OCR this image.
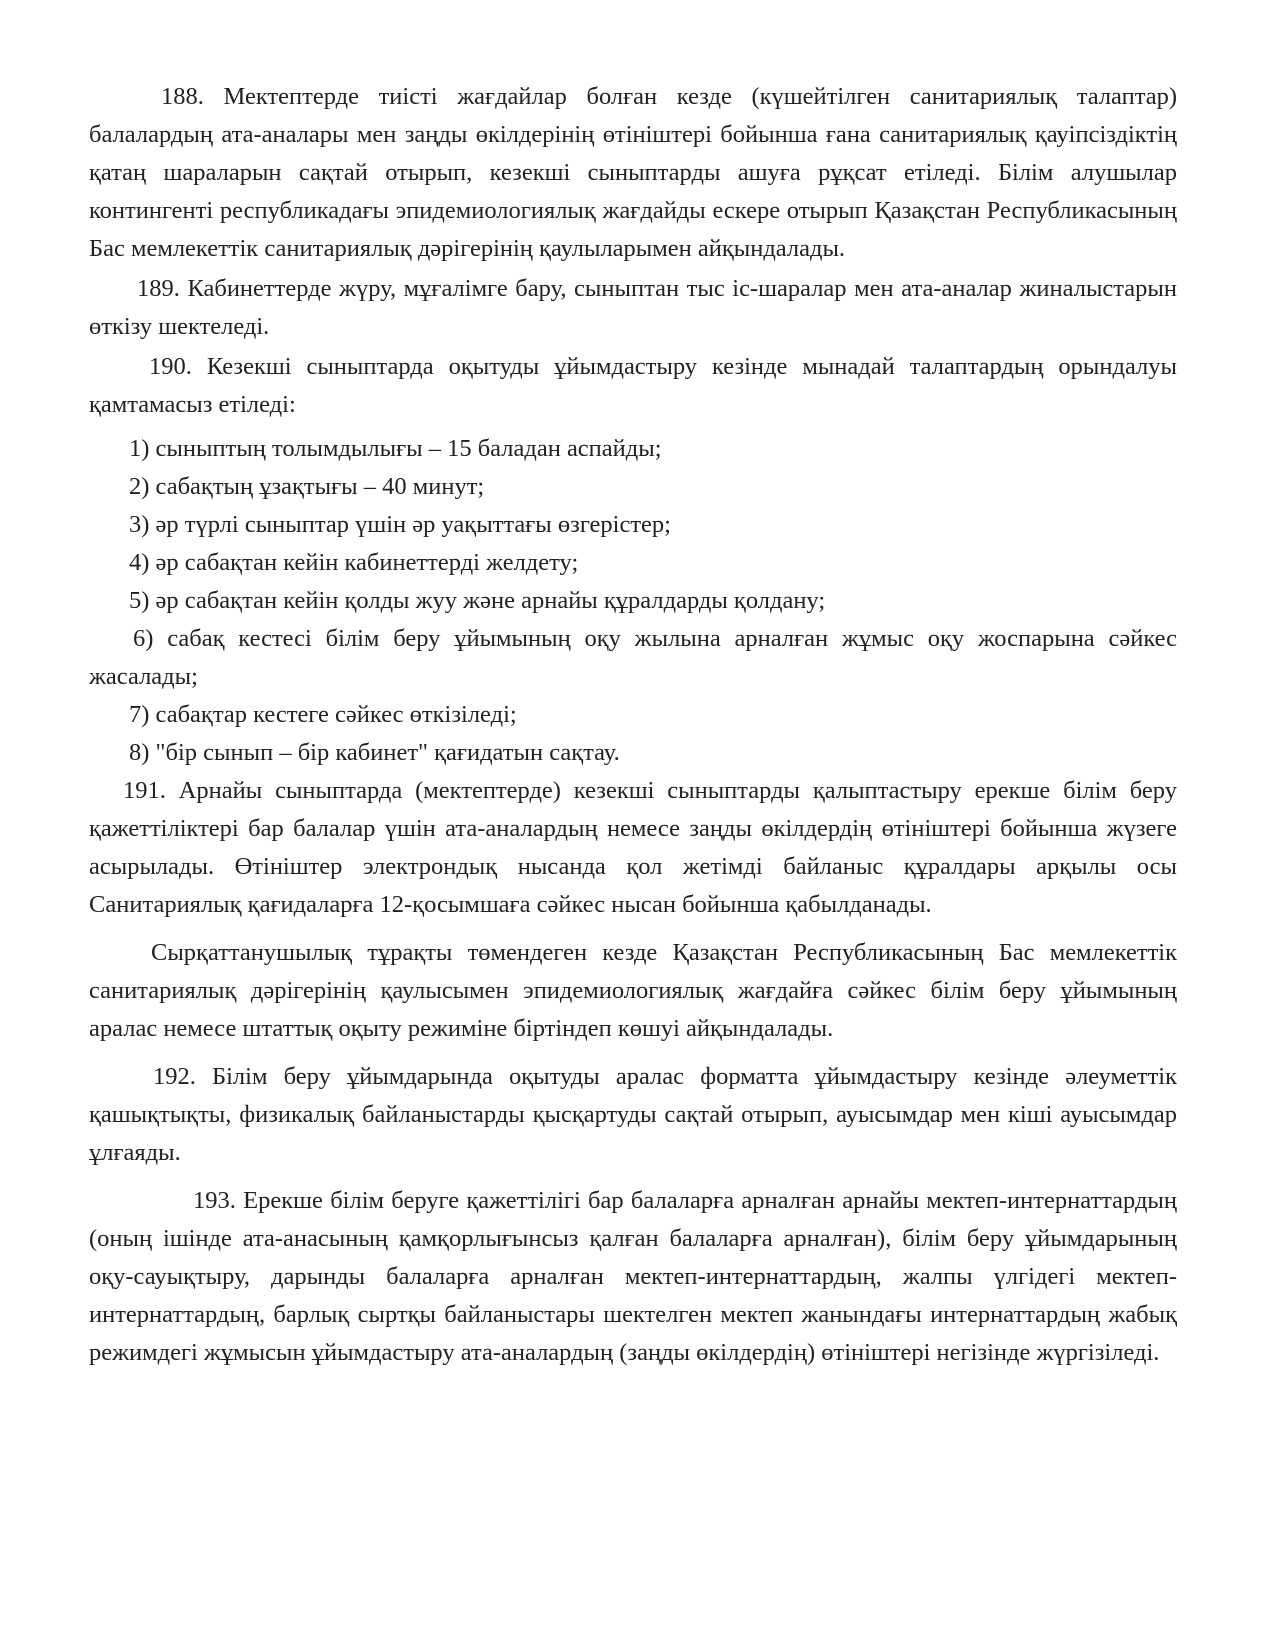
188. Мектептерде тиісті жағдайлар болған кезде (күшейтілген санитариялық талаптар) балалардың ата-аналары мен заңды өкілдерінің өтініштері бойынша ғана санитариялық қауіпсіздіктің қатаң шараларын сақтай отырып, кезекші сыныптарды ашуға рұқсат етіледі. Білім алушылар контингенті республикадағы эпидемиологиялық жағдайды ескере отырып Қазақстан Республикасының Бас мемлекеттік санитариялық дәрігерінің қаулыларымен айқындалады.

189. Кабинеттерде жүру, мұғалімге бару, сыныптан тыс іс-шаралар мен ата-аналар жиналыстарын өткізу шектеледі.

190. Кезекші сыныптарда оқытуды ұйымдастыру кезінде мынадай талаптардың орындалуы қамтамасыз етіледі:

1) сыныптың толымдылығы – 15 баладан аспайды;

2) сабақтың ұзақтығы – 40 минут;

3) әр түрлі сыныптар үшін әр уақыттағы өзгерістер;

4) әр сабақтан кейін кабинеттерді желдету;

5) әр сабақтан кейін қолды жуу және арнайы құралдарды қолдану;

6) сабақ кестесі білім беру ұйымының оқу жылына арналған жұмыс оқу жоспарына сәйкес жасалады;

7) сабақтар кестеге сәйкес өткізіледі;

8) "бір сынып – бір кабинет" қағидатын сақтау.

191. Арнайы сыныптарда (мектептерде) кезекші сыныптарды қалыптастыру ерекше білім беру қажеттіліктері бар балалар үшін ата-аналардың немесе заңды өкілдердің өтініштері бойынша жүзеге асырылады. Өтініштер электрондық нысанда қол жетімді байланыс құралдары арқылы осы Санитариялық қағидаларға 12-қосымшаға сәйкес нысан бойынша қабылданады.

Сырқаттанушылық тұрақты төмендеген кезде Қазақстан Республикасының Бас мемлекеттік санитариялық дәрігерінің қаулысымен эпидемиологиялық жағдайға сәйкес білім беру ұйымының аралас немесе штаттық оқыту режиміне біртіндеп көшуі айқындалады.

192. Білім беру ұйымдарында оқытуды аралас форматта ұйымдастыру кезінде әлеуметтік қашықтықты, физикалық байланыстарды қысқартуды сақтай отырып, ауысымдар мен кіші ауысымдар ұлғаяды.

193. Ерекше білім беруге қажеттілігі бар балаларға арналған арнайы мектеп-интернаттардың (оның ішінде ата-анасының қамқорлығынсыз қалған балаларға арналған), білім беру ұйымдарының оқу-сауықтыру, дарынды балаларға арналған мектеп-интернаттардың, жалпы үлгідегі мектеп-интернаттардың, барлық сыртқы байланыстары шектелген мектеп жанындағы интернаттардың жабық режимдегі жұмысын ұйымдастыру ата-аналардың (заңды өкілдердің) өтініштері негізінде жүргізіледі.
